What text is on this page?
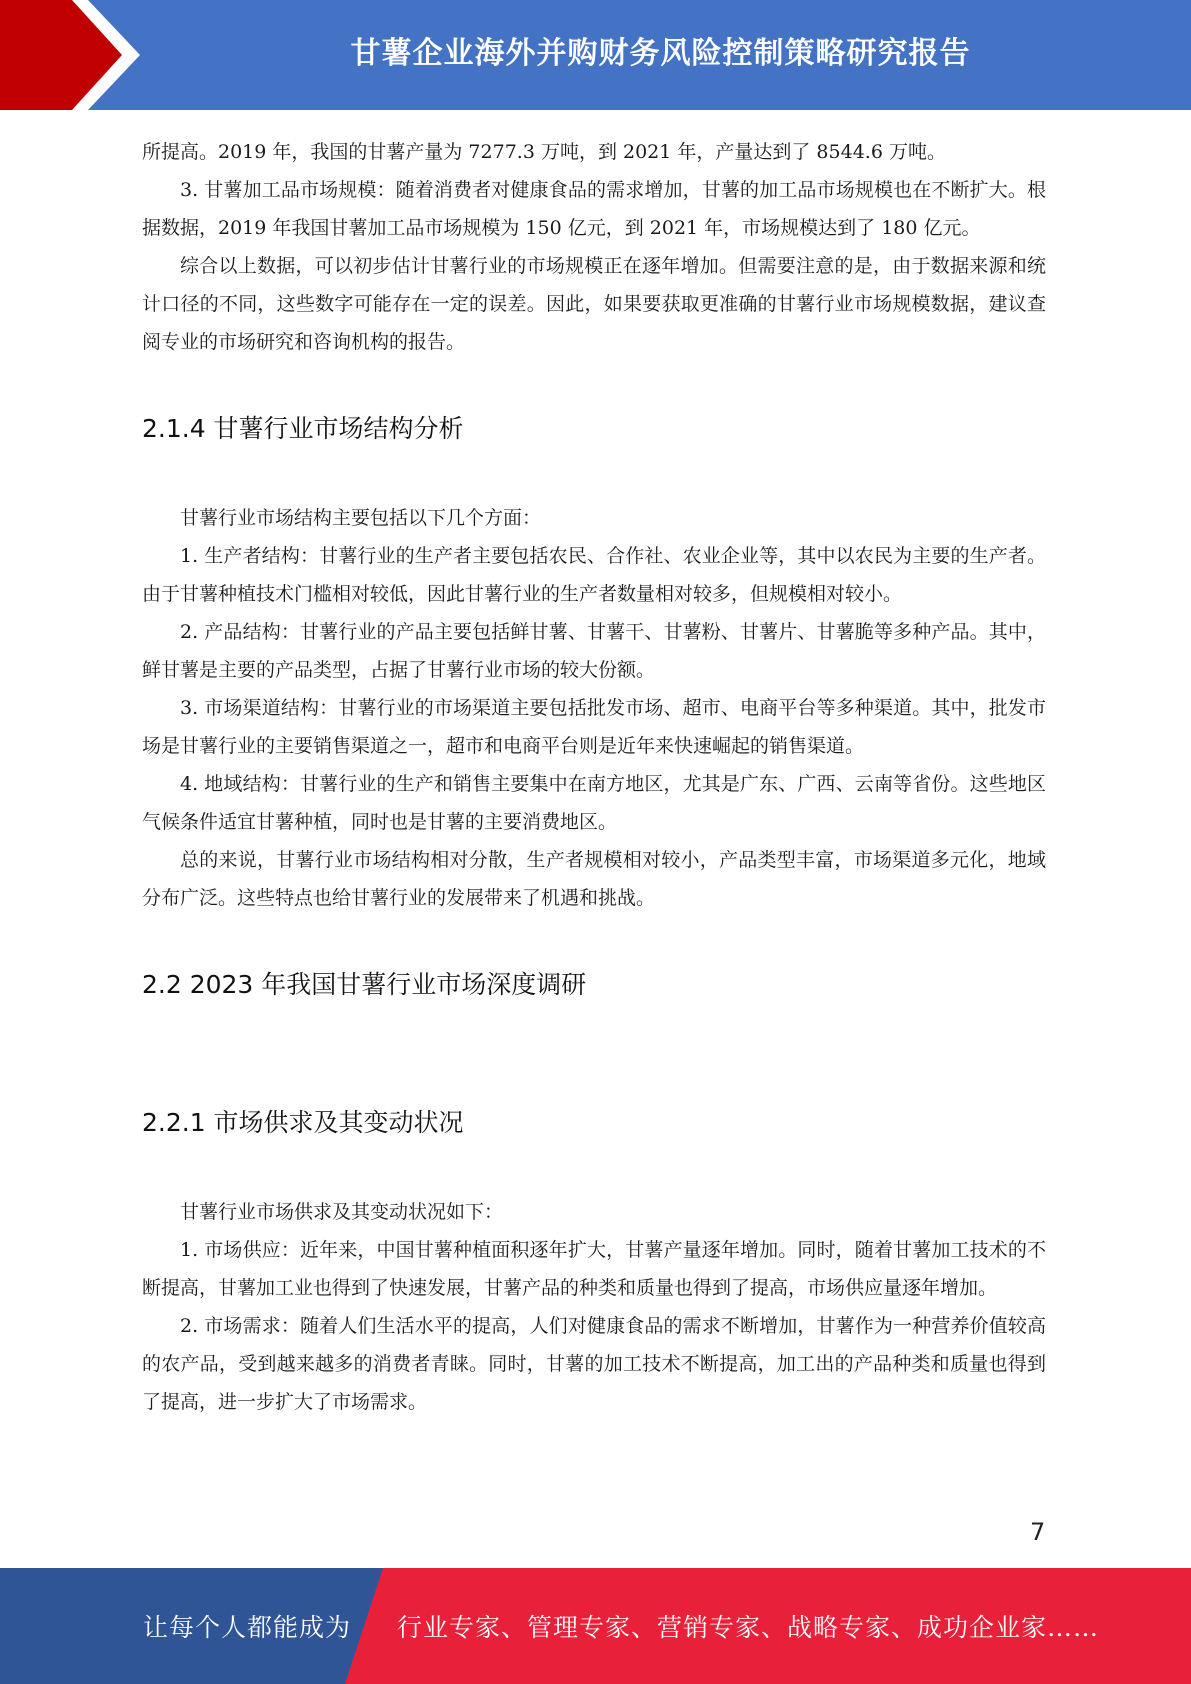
甘薯企业海外并购财务风险控制策略研究报告

所提高。2019 年，我国的甘薯产量为 7277.3 万吨，到 2021 年，产量达到了 8544.6 万吨。

3. 甘薯加工品市场规模：随着消费者对健康食品的需求增加，甘薯的加工品市场规模也在不断扩大。根据数据，2019 年我国甘薯加工品市场规模为 150 亿元，到 2021 年，市场规模达到了 180 亿元。

综合以上数据，可以初步估计甘薯行业的市场规模正在逐年增加。但需要注意的是，由于数据来源和统计口径的不同，这些数字可能存在一定的误差。因此，如果要获取更准确的甘薯行业市场规模数据，建议查阅专业的市场研究和咨询机构的报告。

2.1.4 甘薯行业市场结构分析

甘薯行业市场结构主要包括以下几个方面：

1. 生产者结构：甘薯行业的生产者主要包括农民、合作社、农业企业等，其中以农民为主要的生产者。由于甘薯种植技术门槛相对较低，因此甘薯行业的生产者数量相对较多，但规模相对较小。

2. 产品结构：甘薯行业的产品主要包括鲜甘薯、甘薯干、甘薯粉、甘薯片、甘薯脆等多种产品。其中，鲜甘薯是主要的产品类型，占据了甘薯行业市场的较大份额。

3. 市场渠道结构：甘薯行业的市场渠道主要包括批发市场、超市、电商平台等多种渠道。其中，批发市场是甘薯行业的主要销售渠道之一，超市和电商平台则是近年来快速崛起的销售渠道。

4. 地域结构：甘薯行业的生产和销售主要集中在南方地区，尤其是广东、广西、云南等省份。这些地区气候条件适宜甘薯种植，同时也是甘薯的主要消费地区。

总的来说，甘薯行业市场结构相对分散，生产者规模相对较小，产品类型丰富，市场渠道多元化，地域分布广泛。这些特点也给甘薯行业的发展带来了机遇和挑战。

2.2 2023 年我国甘薯行业市场深度调研
2.2.1 市场供求及其变动状况

甘薯行业市场供求及其变动状况如下：

1. 市场供应：近年来，中国甘薯种植面积逐年扩大，甘薯产量逐年增加。同时，随着甘薯加工技术的不断提高，甘薯加工业也得到了快速发展，甘薯产品的种类和质量也得到了提高，市场供应量逐年增加。

2. 市场需求：随着人们生活水平的提高，人们对健康食品的需求不断增加，甘薯作为一种营养价值较高的农产品，受到越来越多的消费者青睐。同时，甘薯的加工技术不断提高，加工出的产品种类和质量也得到了提高，进一步扩大了市场需求。

7
让每个人都能成为 行业专家、管理专家、营销专家、战略专家、成功企业家……
